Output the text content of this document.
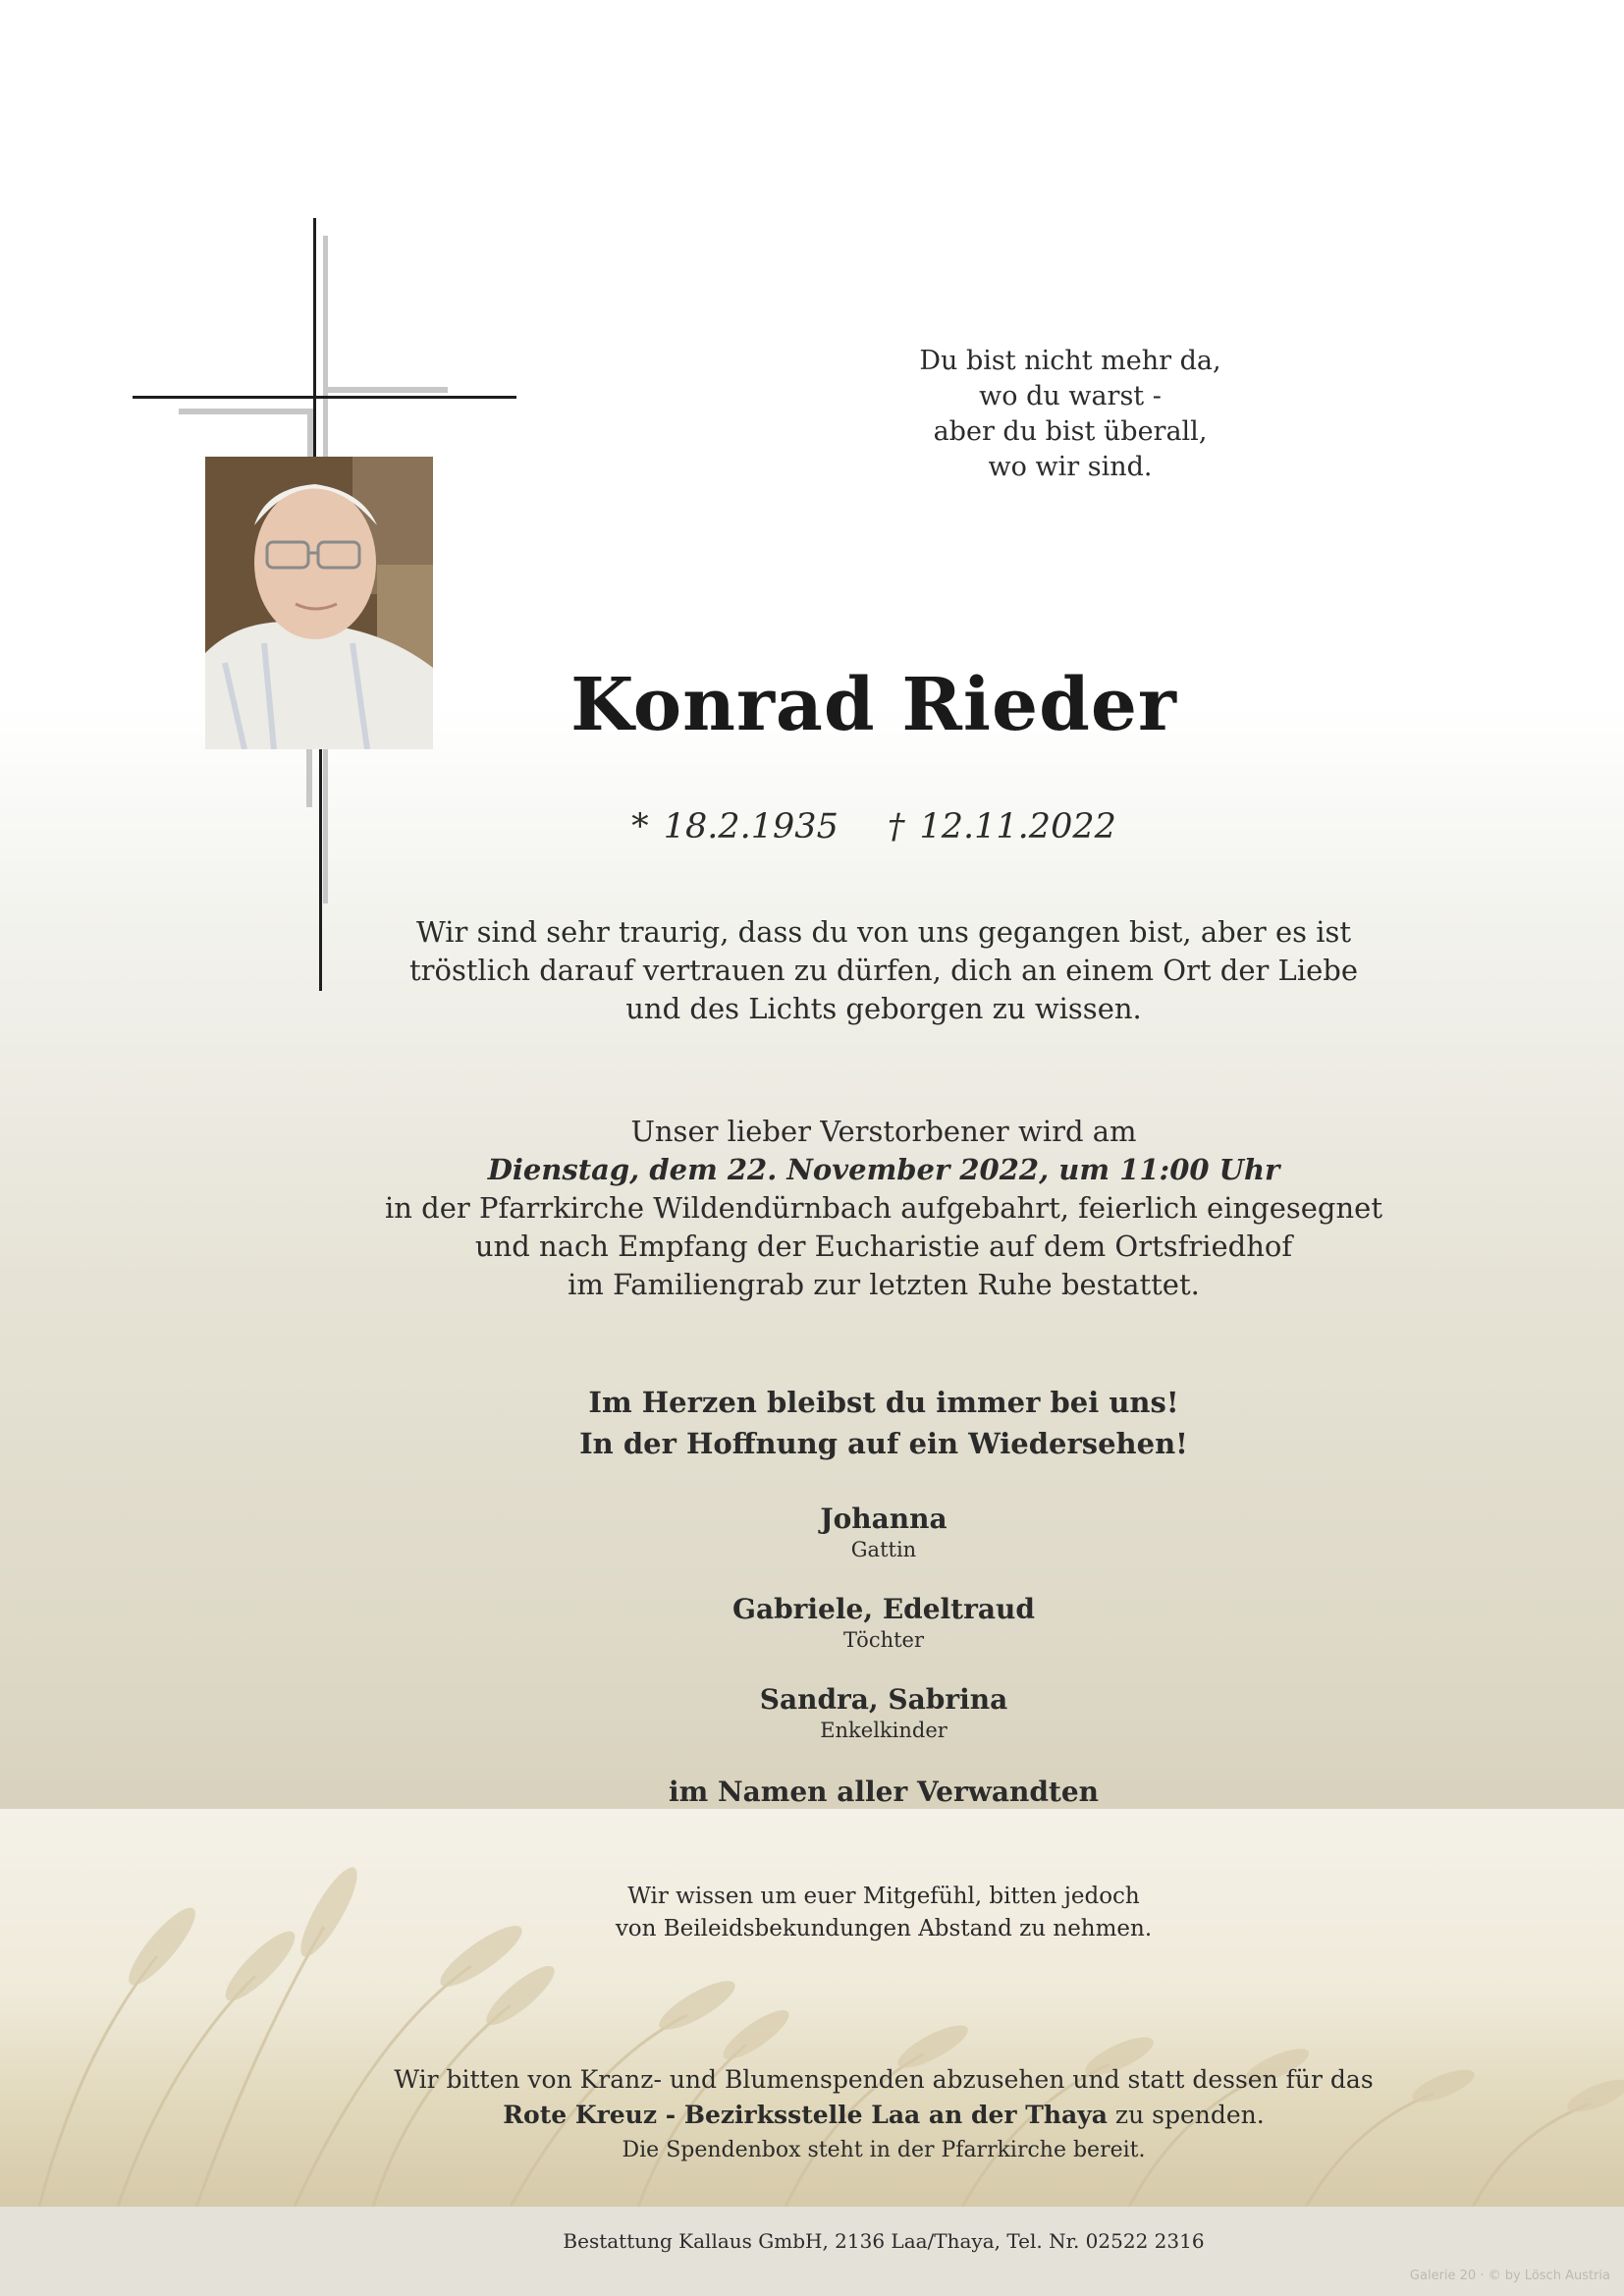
Du bist nicht mehr da,
wo du warst -
aber du bist überall,
wo wir sind.
Konrad Rieder
* 18.2.1935 † 12.11.2022
Wir sind sehr traurig, dass du von uns gegangen bist, aber es ist
tröstlich darauf vertrauen zu dürfen, dich an einem Ort der Liebe
und des Lichts geborgen zu wissen.
Unser lieber Verstorbener wird am
Dienstag, dem 22. November 2022, um 11:00 Uhr
in der Pfarrkirche Wildendürnbach aufgebahrt, feierlich eingesegnet
und nach Empfang der Eucharistie auf dem Ortsfriedhof
im Familiengrab zur letzten Ruhe bestattet.
Im Herzen bleibst du immer bei uns!
In der Hoffnung auf ein Wiedersehen!
Johanna
Gattin
Gabriele, Edeltraud
Töchter
Sandra, Sabrina
Enkelkinder
im Namen aller Verwandten
Wir wissen um euer Mitgefühl, bitten jedoch
von Beileidsbekundungen Abstand zu nehmen.
Wir bitten von Kranz- und Blumenspenden abzusehen und statt dessen für das
Rote Kreuz - Bezirksstelle Laa an der Thaya zu spenden.
Die Spendenbox steht in der Pfarrkirche bereit.
Bestattung Kallaus GmbH, 2136 Laa/Thaya, Tel. Nr. 02522 2316
Galerie 20 · © by Lösch Austria
